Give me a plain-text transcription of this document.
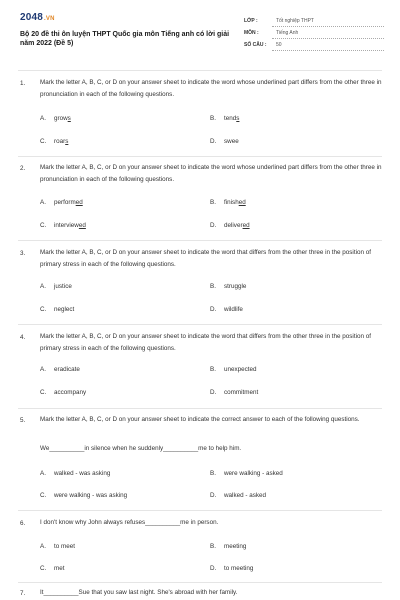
2048.VN
Bộ 20 đề thi ôn luyện THPT Quốc gia môn Tiếng anh có lời giải năm 2022 (Đề 5)
LỚP :	Tốt nghiệp THPT
MÔN :	Tiếng Anh
SỐ CÂU : 50
1. Mark the letter A, B, C, or D on your answer sheet to indicate the word whose underlined part differs from the other three in pronunciation in each of the following questions.
A. grows	B. tends
C. roars	D. swee
2. Mark the letter A, B, C, or D on your answer sheet to indicate the word whose underlined part differs from the other three in pronunciation in each of the following questions.
A. performed	B. finished
C. interviewed	D. delivered
3. Mark the letter A, B, C, or D on your answer sheet to indicate the word that differs from the other three in the position of primary stress in each of the following questions.
A. justice	B. struggle
C. neglect	D. wildlife
4. Mark the letter A, B, C, or D on your answer sheet to indicate the word that differs from the other three in the position of primary stress in each of the following questions.
A. eradicate	B. unexpected
C. accompany	D. commitment
5. Mark the letter A, B, C, or D on your answer sheet to indicate the correct answer to each of the following questions.
We__________in silence when he suddenly__________me to help him.
A. walked - was asking	B. were walking - asked
C. were walking - was asking	D. walked - asked
6. I don't know why John always refuses__________me in person.
A. to meet	B. meeting
C. met	D. to meeting
7. It__________Sue that you saw last night. She's abroad with her family.
